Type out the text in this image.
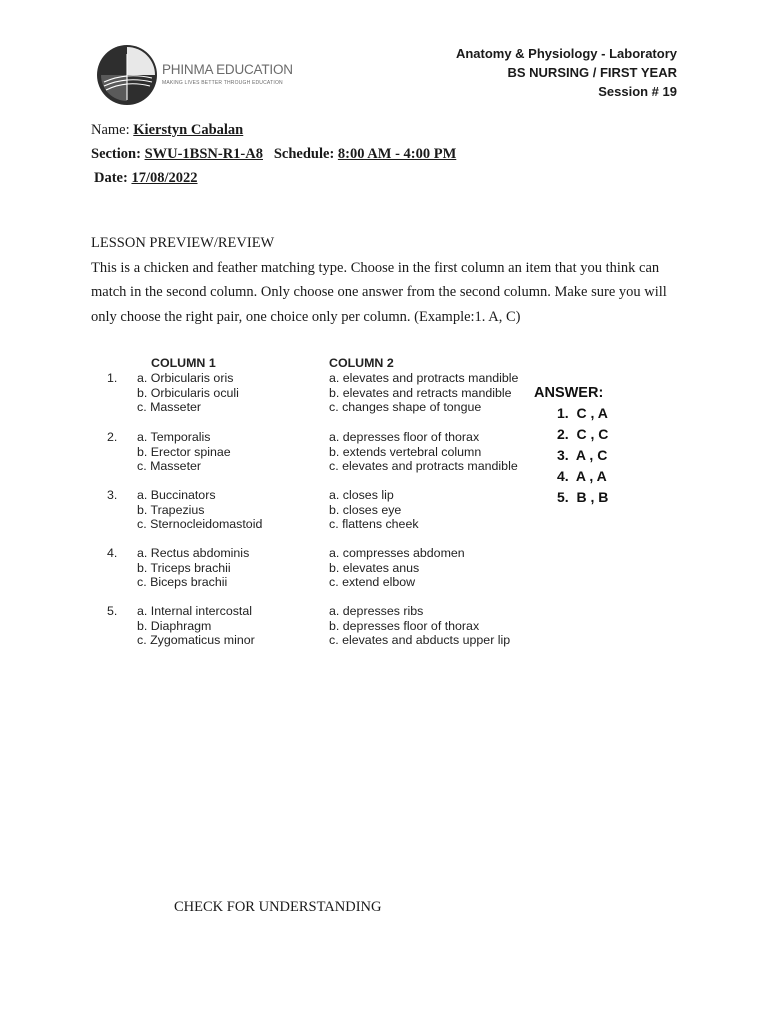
PHINMA EDUCATION
MAKING LIVES BETTER THROUGH EDUCATION
Anatomy & Physiology - Laboratory
BS NURSING / FIRST YEAR
Session # 19
Name: Kierstyn Cabalan
Section: SWU-1BSN-R1-A8 Schedule: 8:00 AM - 4:00 PM
Date: 17/08/2022
LESSON PREVIEW/REVIEW
This is a chicken and feather matching type. Choose in the first column an item that you think can match in the second column. Only choose one answer from the second column. Make sure you will only choose the right pair, one choice only per column. (Example:1. A, C)
COLUMN 1	COLUMN 2
1. a. Orbicularis oris	a. elevates and protracts mandible
b. Orbicularis oculi	b. elevates and retracts mandible
c. Masseter	c. changes shape of tongue
2. a. Temporalis	a. depresses floor of thorax
b. Erector spinae	b. extends vertebral column
c. Masseter	c. elevates and protracts mandible
3. a. Buccinators	a. closes lip
b. Trapezius	b. closes eye
c. Sternocleidomastoid	c. flattens cheek
4. a. Rectus abdominis	a. compresses abdomen
b. Triceps brachii	b. elevates anus
c. Biceps brachii	c. extend elbow
5. a. Internal intercostal	a. depresses ribs
b. Diaphragm	b. depresses floor of thorax
c. Zygomaticus minor	c. elevates and abducts upper lip
ANSWER:
1.  C , A
2.  C , C
3.  A , C
4.  A , A
5.  B , B
CHECK FOR UNDERSTANDING
